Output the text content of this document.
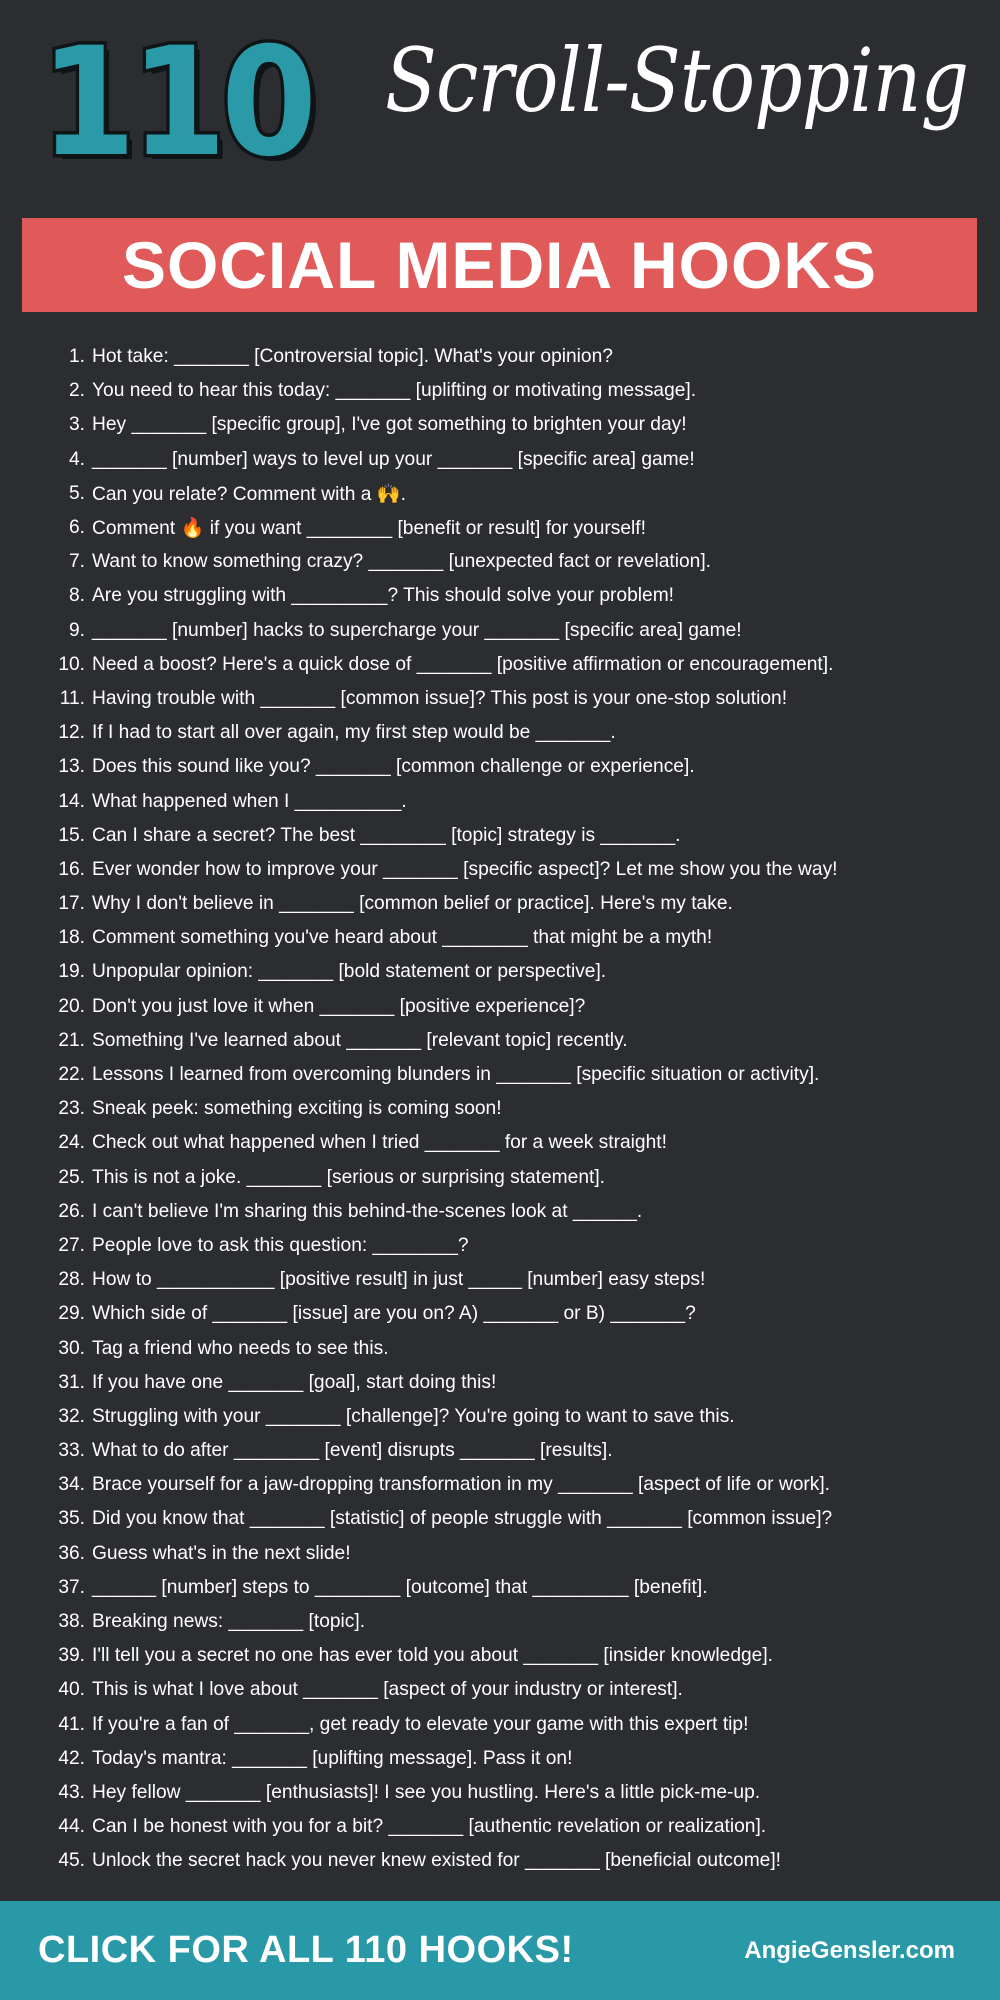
110 Scroll-Stopping
SOCIAL MEDIA HOOKS
1. Hot take: _______ [Controversial topic]. What's your opinion?
2. You need to hear this today: _______ [uplifting or motivating message].
3. Hey _______ [specific group], I've got something to brighten your day!
4. _______ [number] ways to level up your _______ [specific area] game!
5. Can you relate? Comment with a 🙌.
6. Comment 🔥 if you want ________ [benefit or result] for yourself!
7. Want to know something crazy? _______ [unexpected fact or revelation].
8. Are you struggling with _________? This should solve your problem!
9. _______ [number] hacks to supercharge your _______ [specific area] game!
10. Need a boost? Here's a quick dose of _______ [positive affirmation or encouragement].
11. Having trouble with _______ [common issue]? This post is your one-stop solution!
12. If I had to start all over again, my first step would be _______.
13. Does this sound like you? _______ [common challenge or experience].
14. What happened when I __________.
15. Can I share a secret? The best ________ [topic] strategy is _______.
16. Ever wonder how to improve your _______ [specific aspect]? Let me show you the way!
17. Why I don't believe in _______ [common belief or practice]. Here's my take.
18. Comment something you've heard about ________ that might be a myth!
19. Unpopular opinion: _______ [bold statement or perspective].
20. Don't you just love it when _______ [positive experience]?
21. Something I've learned about _______ [relevant topic] recently.
22. Lessons I learned from overcoming blunders in _______ [specific situation or activity].
23. Sneak peek: something exciting is coming soon!
24. Check out what happened when I tried _______ for a week straight!
25. This is not a joke. _______ [serious or surprising statement].
26. I can't believe I'm sharing this behind-the-scenes look at ______.
27. People love to ask this question: ________?
28. How to ___________ [positive result] in just _____ [number] easy steps!
29. Which side of _______ [issue] are you on? A) _______ or B) _______?
30. Tag a friend who needs to see this.
31. If you have one _______ [goal], start doing this!
32. Struggling with your _______ [challenge]? You're going to want to save this.
33. What to do after ________ [event] disrupts _______ [results].
34. Brace yourself for a jaw-dropping transformation in my _______ [aspect of life or work].
35. Did you know that _______ [statistic] of people struggle with _______ [common issue]?
36. Guess what's in the next slide!
37. ______ [number] steps to ________ [outcome] that _________ [benefit].
38. Breaking news: _______ [topic].
39. I'll tell you a secret no one has ever told you about _______ [insider knowledge].
40. This is what I love about _______ [aspect of your industry or interest].
41. If you're a fan of _______, get ready to elevate your game with this expert tip!
42. Today's mantra: _______ [uplifting message]. Pass it on!
43. Hey fellow _______ [enthusiasts]! I see you hustling. Here's a little pick-me-up.
44. Can I be honest with you for a bit? _______ [authentic revelation or realization].
45. Unlock the secret hack you never knew existed for _______ [beneficial outcome]!
CLICK FOR ALL 110 HOOKS!	AngieGensler.com
